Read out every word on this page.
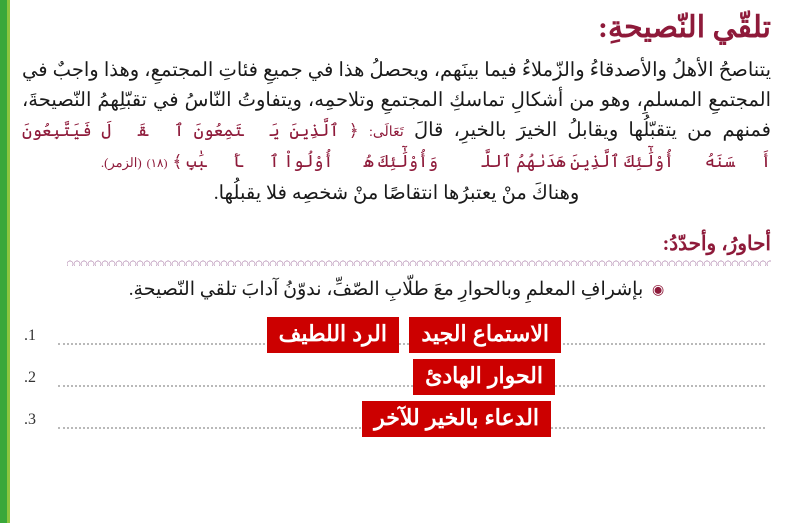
تلقّي النّصيحةِ:
يتناصحُ الأهلُ والأصدقاءُ والزّملاءُ فيما بينَهم، ويحصلُ هذا في جميعِ فئاتِ المجتمعِ، وهذا واجبٌ في المجتمعِ المسلمِ، وهو من أشكالِ تماسكِ المجتمعِ وتلاحمِه، ويتفاوتُ النّاسُ في تقبّلِهمُ النّصيحةَ، فمنهم من يتقبّلُها ويقابلُ الخيرَ بالخيرِ، قالَ تَعَالَى: ﴿ ٱلَّذِينَ يَسۡتَمِعُونَ ٱلۡقَوۡلَ فَيَتَّبِعُونَ أَحۡسَنَهُۥٓ أُوْلَٰٓئِكَ ٱلَّذِينَ هَدَىٰهُمُ ٱللَّهُۖ وَأُوْلَٰٓئِكَ هُمۡ أُوْلُواْ ٱلۡأَلۡبَٰبِ ﴾ (١٨) (الزمر).
وهناكَ منْ يعتبرُها انتقاصًا منْ شخصِه فلا يقبلُها.
أحاورُ، وأحدّدُ:
◉ بإشرافِ المعلمِ وبالحوارِ معَ طلّابِ الصّفِّ، ندوّنُ آدابَ تلقي النّصيحةِ.
1.	الاستماع الجيد
الرد اللطيف
2.	الحوار الهادئ
3.	الدعاء بالخير للآخر
